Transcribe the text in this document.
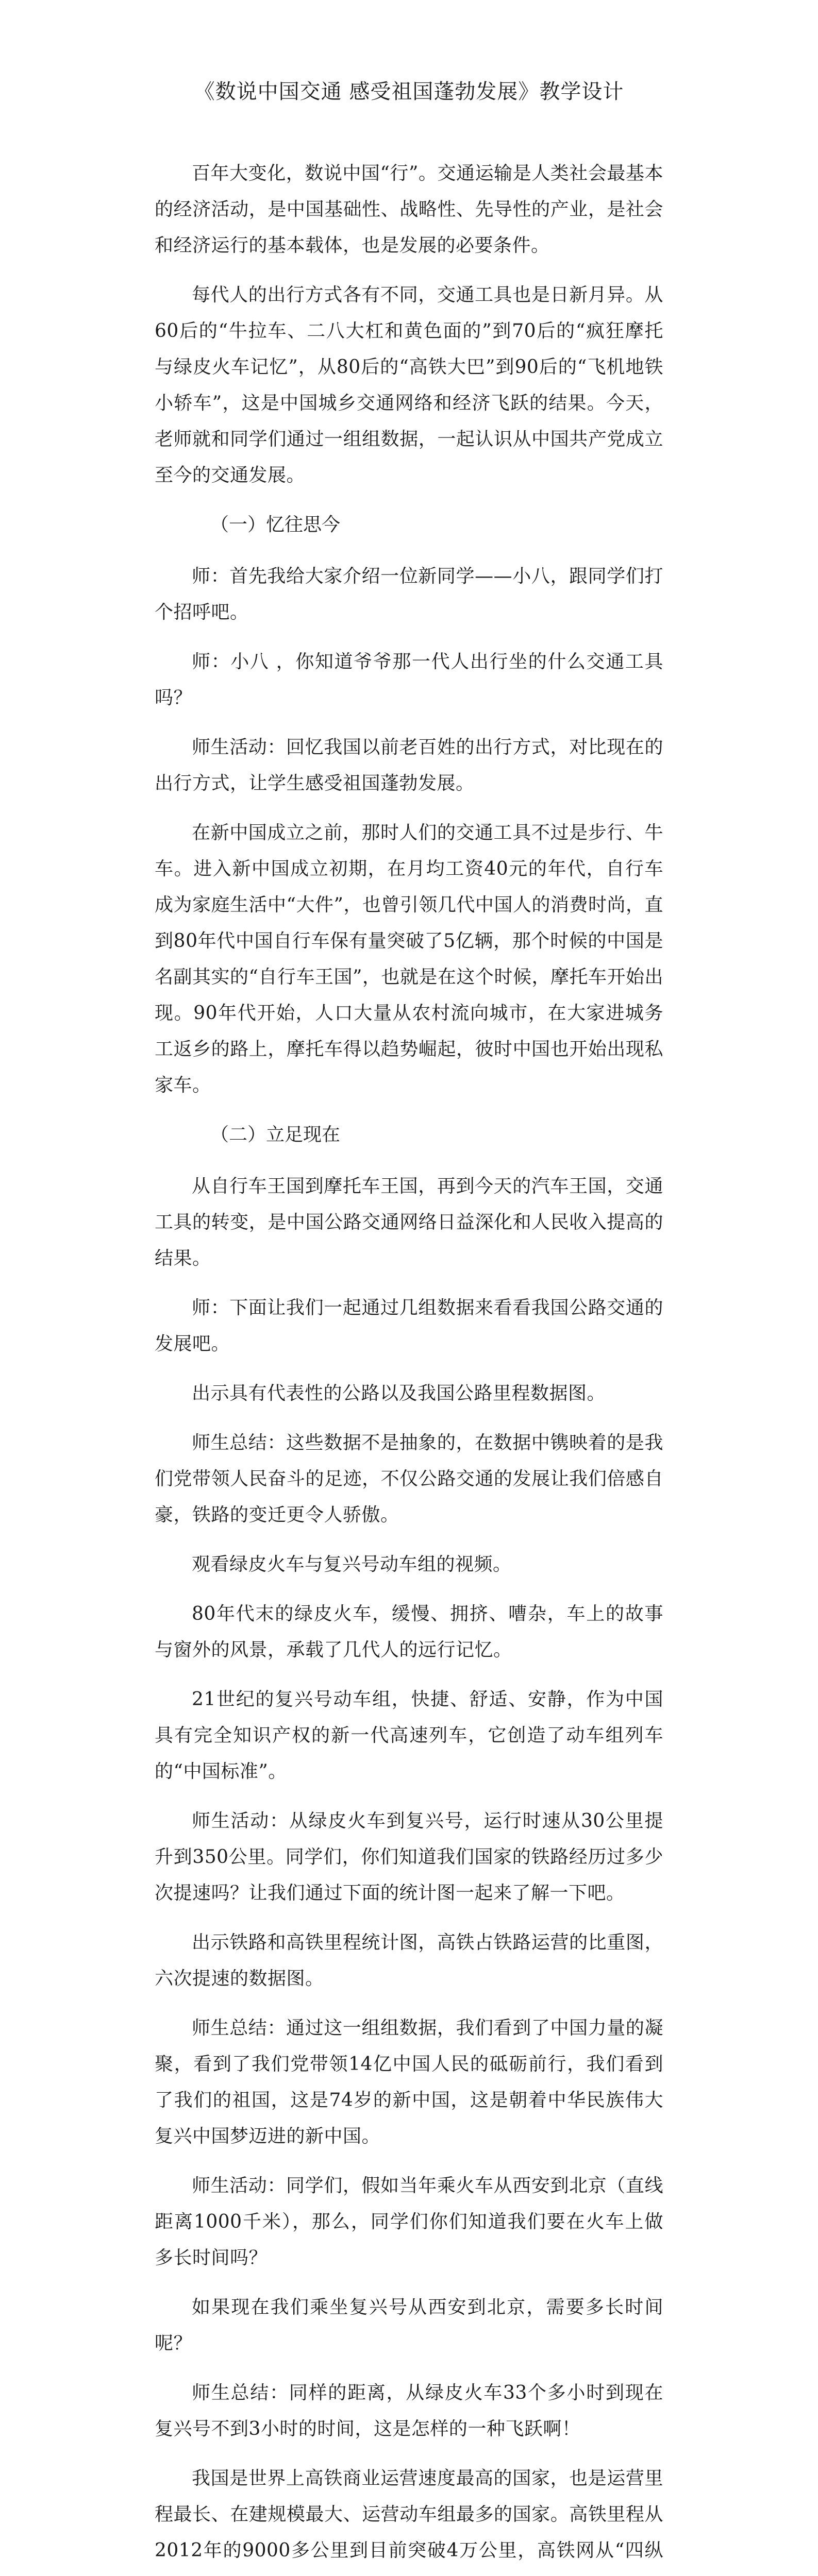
《数说中国交通 感受祖国蓬勃发展》教学设计

百年大变化，数说中国“行”。交通运输是人类社会最基本的经济活动，是中国基础性、战略性、先导性的产业，是社会和经济运行的基本载体，也是发展的必要条件。

每代人的出行方式各有不同，交通工具也是日新月异。从60后的“牛拉车、二八大杠和黄色面的”到70后的“疯狂摩托与绿皮火车记忆”，从80后的“高铁大巴”到90后的“飞机地铁小轿车”，这是中国城乡交通网络和经济飞跃的结果。今天，老师就和同学们通过一组组数据，一起认识从中国共产党成立至今的交通发展。

（一）忆往思今

师：首先我给大家介绍一位新同学——小八，跟同学们打个招呼吧。

师：小八 ，你知道爷爷那一代人出行坐的什么交通工具吗？

师生活动：回忆我国以前老百姓的出行方式，对比现在的出行方式，让学生感受祖国蓬勃发展。

在新中国成立之前，那时人们的交通工具不过是步行、牛车。进入新中国成立初期，在月均工资40元的年代，自行车成为家庭生活中“大件”，也曾引领几代中国人的消费时尚，直到80年代中国自行车保有量突破了5亿辆，那个时候的中国是名副其实的“自行车王国”，也就是在这个时候，摩托车开始出现。90年代开始，人口大量从农村流向城市，在大家进城务工返乡的路上，摩托车得以趋势崛起，彼时中国也开始出现私家车。

（二）立足现在

从自行车王国到摩托车王国，再到今天的汽车王国，交通工具的转变，是中国公路交通网络日益深化和人民收入提高的结果。

师：下面让我们一起通过几组数据来看看我国公路交通的发展吧。

出示具有代表性的公路以及我国公路里程数据图。

师生总结：这些数据不是抽象的，在数据中镌映着的是我们党带领人民奋斗的足迹，不仅公路交通的发展让我们倍感自豪，铁路的变迁更令人骄傲。

观看绿皮火车与复兴号动车组的视频。

80年代末的绿皮火车，缓慢、拥挤、嘈杂，车上的故事与窗外的风景，承载了几代人的远行记忆。

21世纪的复兴号动车组，快捷、舒适、安静，作为中国具有完全知识产权的新一代高速列车，它创造了动车组列车的“中国标准”。

师生活动：从绿皮火车到复兴号，运行时速从30公里提升到350公里。同学们，你们知道我们国家的铁路经历过多少次提速吗？让我们通过下面的统计图一起来了解一下吧。

出示铁路和高铁里程统计图，高铁占铁路运营的比重图，六次提速的数据图。

师生总结：通过这一组组数据，我们看到了中国力量的凝聚，看到了我们党带领14亿中国人民的砥砺前行，我们看到了我们的祖国，这是74岁的新中国，这是朝着中华民族伟大复兴中国梦迈进的新中国。

师生活动：同学们，假如当年乘火车从西安到北京（直线距离1000千米），那么，同学们你们知道我们要在火车上做多长时间吗？

如果现在我们乘坐复兴号从西安到北京，需要多长时间呢？

师生总结：同样的距离，从绿皮火车33个多小时到现在复兴号不到3小时的时间，这是怎样的一种飞跃啊！

我国是世界上高铁商业运营速度最高的国家，也是运营里程最长、在建规模最大、运营动车组最多的国家。高铁里程从2012年的9000多公里到目前突破4万公里，高铁网从“四纵
